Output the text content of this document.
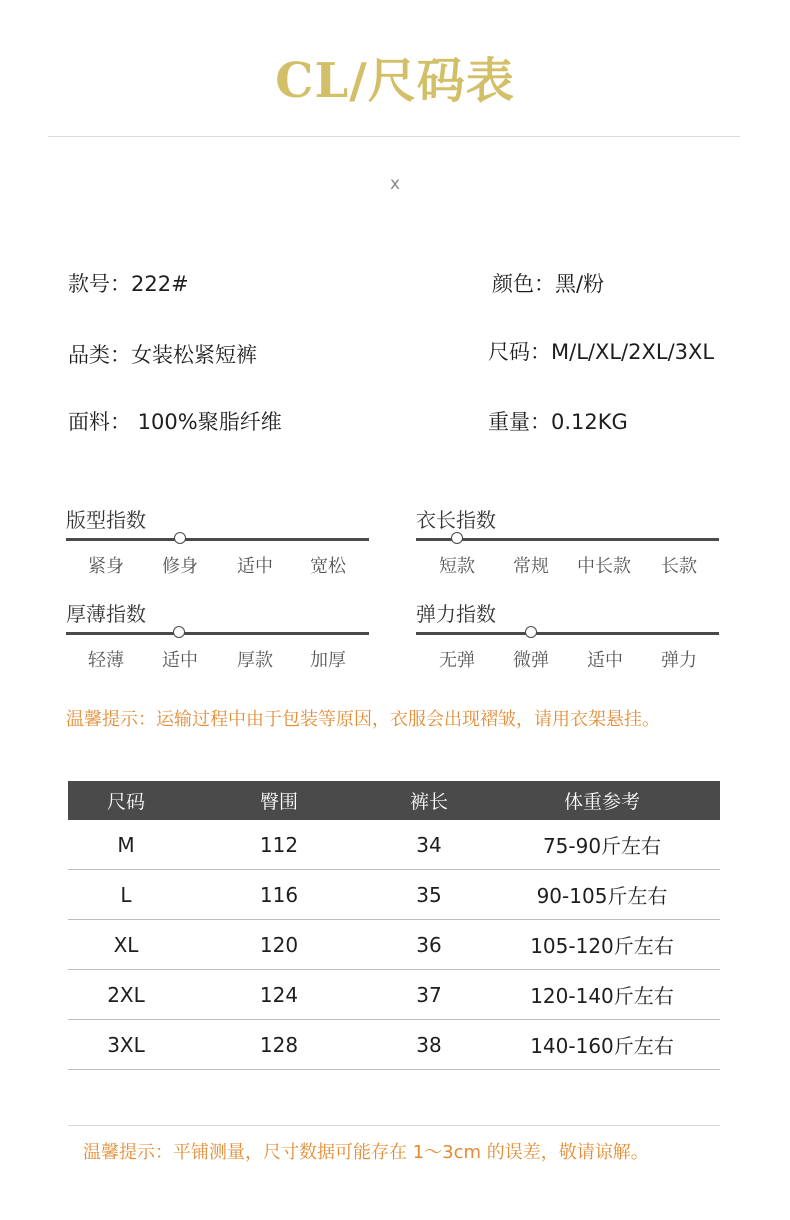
CL/尺码表
x
款号：222#	颜色：黑/粉
品类：女装松紧短裤	尺码：M/L/XL/2XL/3XL
面料： 100%聚脂纤维	重量：0.12KG
版型指数
紧身 修身 适中 宽松
衣长指数
短款 常规 中长款 长款
厚薄指数
轻薄 适中 厚款 加厚
弹力指数
无弹 微弹 适中 弹力
温馨提示：运输过程中由于包装等原因，衣服会出现褶皱，请用衣架悬挂。
尺码	臀围	裤长	体重参考
M	112	34	75-90斤左右
L	116	35	90-105斤左右
XL	120	36	105-120斤左右
2XL	124	37	120-140斤左右
3XL	128	38	140-160斤左右
温馨提示：平铺测量，尺寸数据可能存在 1～3cm 的误差，敬请谅解。
